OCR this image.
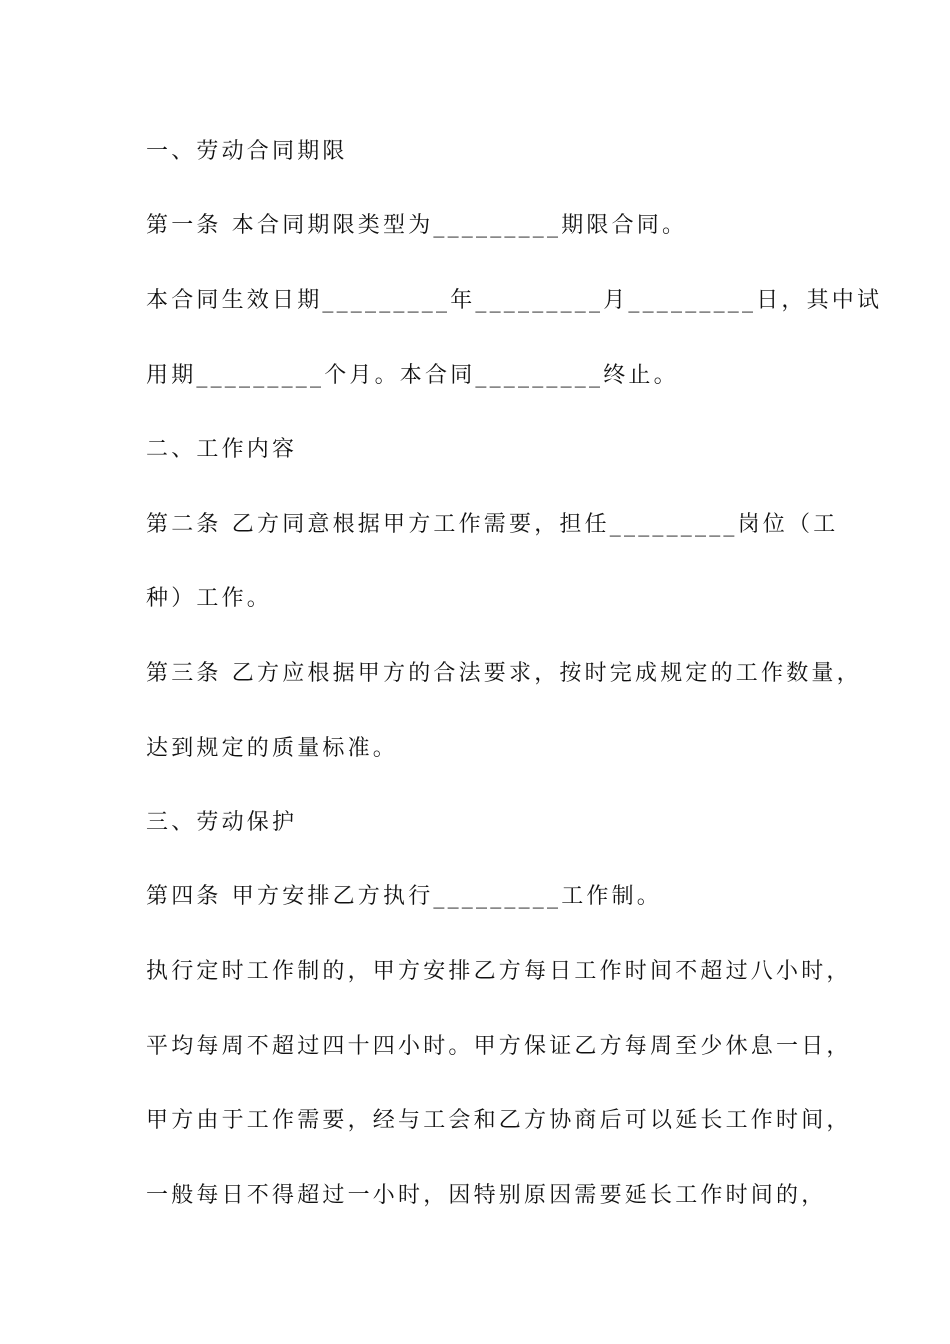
一、劳动合同期限
第一条 本合同期限类型为_________期限合同。
本合同生效日期_________年_________月_________日，其中试
用期_________个月。本合同_________终止。
二、工作内容
第二条 乙方同意根据甲方工作需要，担任_________岗位（工
种）工作。
第三条 乙方应根据甲方的合法要求，按时完成规定的工作数量，
达到规定的质量标准。
三、劳动保护
第四条 甲方安排乙方执行_________工作制。
执行定时工作制的，甲方安排乙方每日工作时间不超过八小时，
平均每周不超过四十四小时。甲方保证乙方每周至少休息一日，
甲方由于工作需要，经与工会和乙方协商后可以延长工作时间，
一般每日不得超过一小时，因特别原因需要延长工作时间的，
